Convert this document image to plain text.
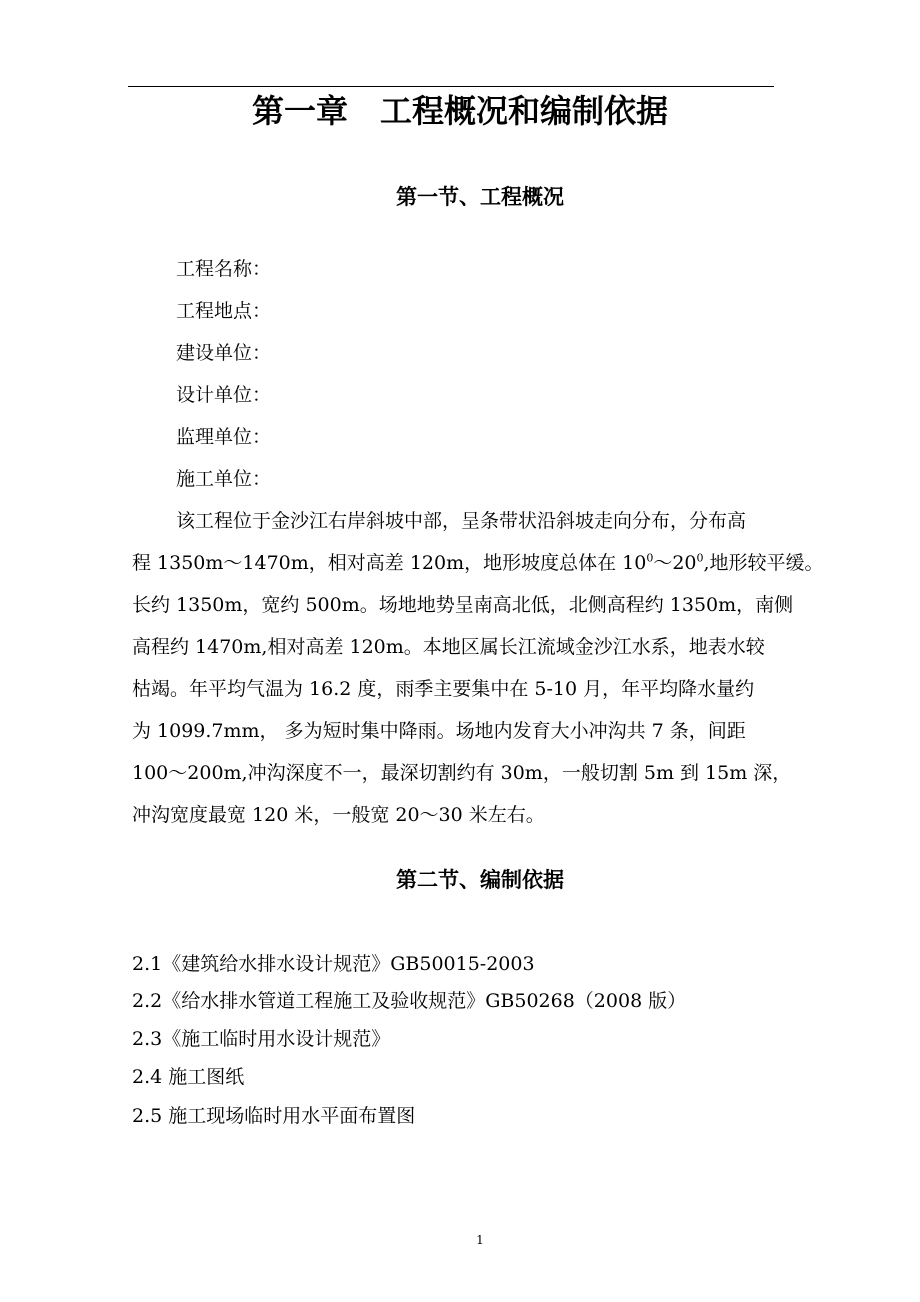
第一章　工程概况和编制依据
第一节、工程概况
工程名称：
工程地点：
建设单位：
设计单位：
监理单位：
施工单位：
该工程位于金沙江右岸斜坡中部，呈条带状沿斜坡走向分布，分布高
程 1350m～1470m，相对高差 120m，地形坡度总体在 $10^0\sim 20^0$,地形较平缓。
长约 1350m，宽约 500m。场地地势呈南高北低，北侧高程约 1350m，南侧
高程约 1470m,相对高差 120m。本地区属长江流域金沙江水系，地表水较
枯竭。年平均气温为 16.2 度，雨季主要集中在 5-10 月，年平均降水量约
为 1099.7mm， 多为短时集中降雨。场地内发育大小冲沟共 7 条，间距
100～200m,冲沟深度不一，最深切割约有 30m，一般切割 5m 到 15m 深，
冲沟宽度最宽 120 米，一般宽 20～30 米左右。
第二节、编制依据
2.1《建筑给水排水设计规范》GB50015-2003
2.2《给水排水管道工程施工及验收规范》GB50268（2008 版）
2.3《施工临时用水设计规范》
2.4 施工图纸
2.5 施工现场临时用水平面布置图
1
